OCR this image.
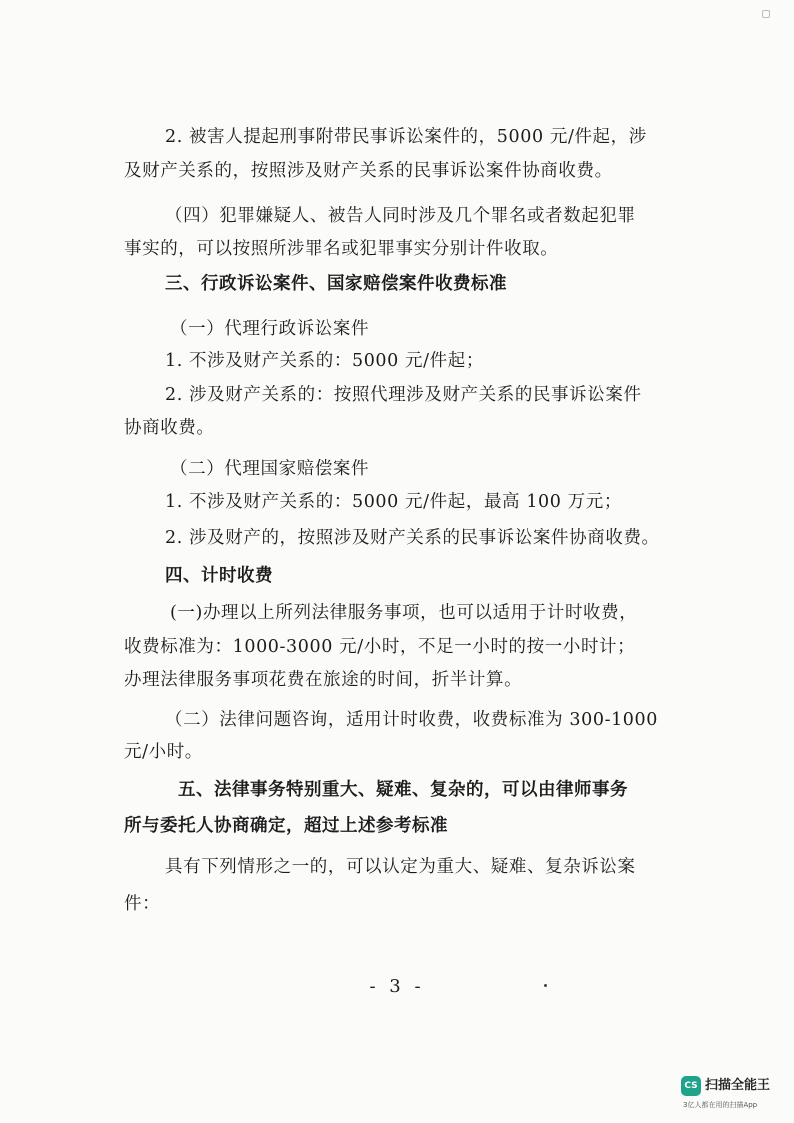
2. 被害人提起刑事附带民事诉讼案件的，5000 元/件起，涉

及财产关系的，按照涉及财产关系的民事诉讼案件协商收费。

（四）犯罪嫌疑人、被告人同时涉及几个罪名或者数起犯罪

事实的，可以按照所涉罪名或犯罪事实分别计件收取。

三、行政诉讼案件、国家赔偿案件收费标准

（一）代理行政诉讼案件

1. 不涉及财产关系的：5000 元/件起；

2. 涉及财产关系的：按照代理涉及财产关系的民事诉讼案件

协商收费。

（二）代理国家赔偿案件

1. 不涉及财产关系的：5000 元/件起，最高 100 万元；

2. 涉及财产的，按照涉及财产关系的民事诉讼案件协商收费。

四、计时收费

(一)办理以上所列法律服务事项，也可以适用于计时收费，

收费标准为：1000-3000 元/小时，不足一小时的按一小时计；

办理法律服务事项花费在旅途的时间，折半计算。

（二）法律问题咨询，适用计时收费，收费标准为 300-1000

元/小时。

五、法律事务特别重大、疑难、复杂的，可以由律师事务

所与委托人协商确定，超过上述参考标准

具有下列情形之一的，可以认定为重大、疑难、复杂诉讼案

件：

- 3 -
CS 扫描全能王
3亿人都在用的扫描App
